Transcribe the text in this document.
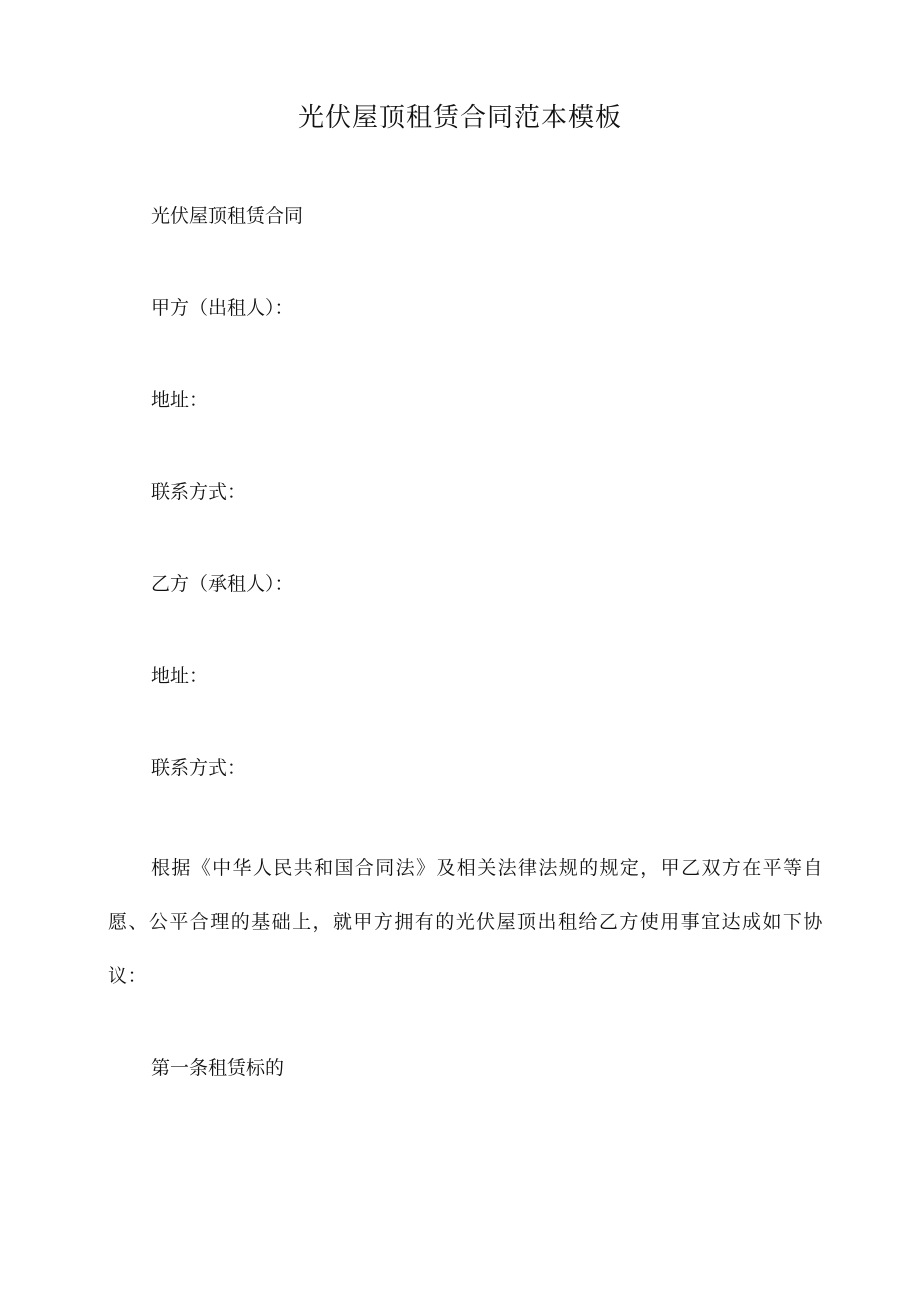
光伏屋顶租赁合同范本模板

光伏屋顶租赁合同

甲方（出租人）：

地址：

联系方式：

乙方（承租人）：

地址：

联系方式：

根据《中华人民共和国合同法》及相关法律法规的规定，甲乙双方在平等自愿、公平合理的基础上，就甲方拥有的光伏屋顶出租给乙方使用事宜达成如下协议：

第一条租赁标的
